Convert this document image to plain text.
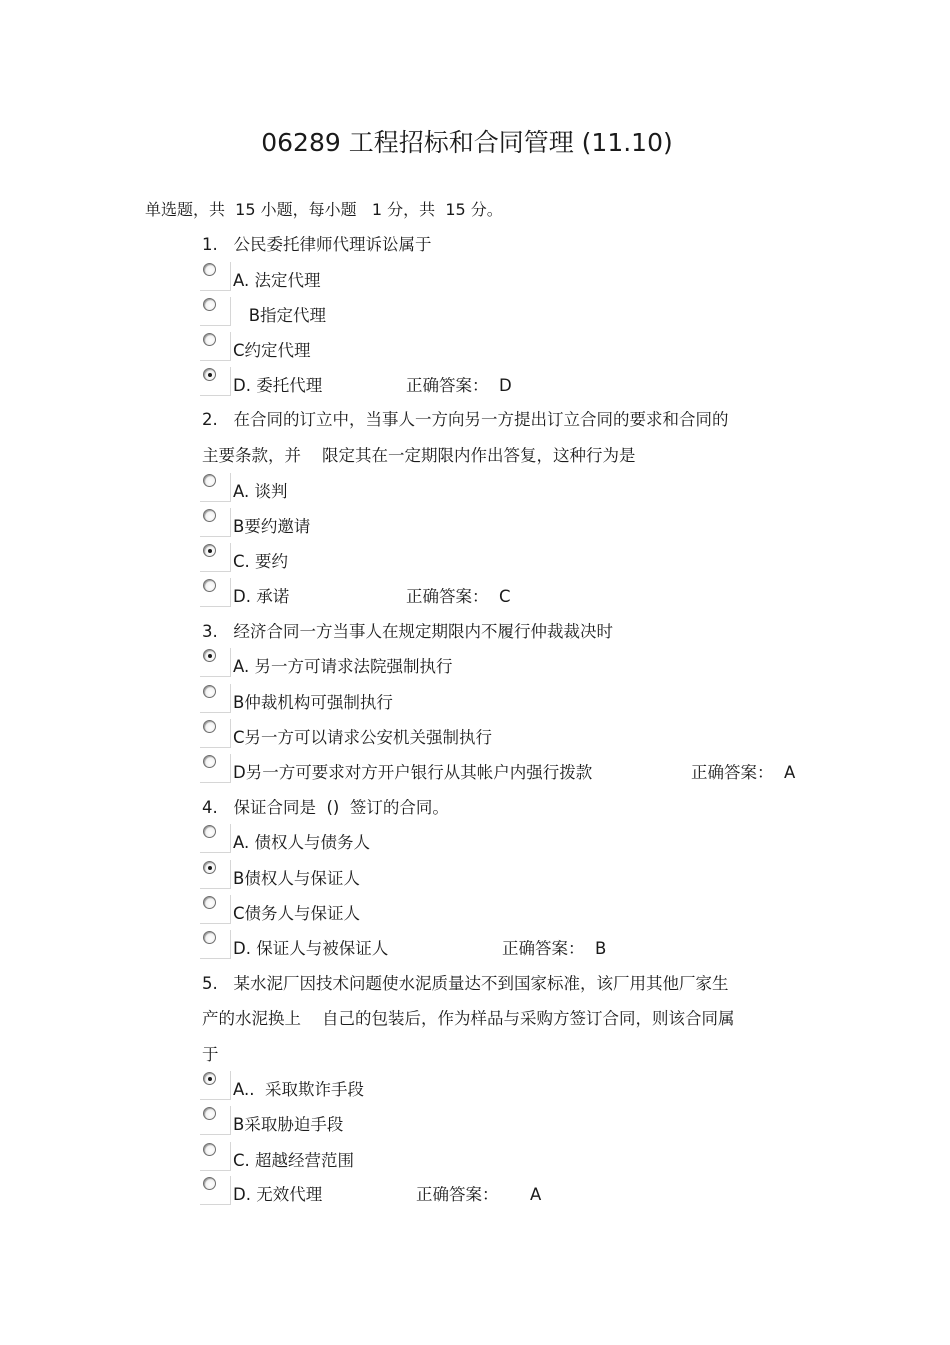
06289 工程招标和合同管理 (11.10)
单选题，共  15 小题，每小题   1 分，共  15 分。
1.   公民委托律师代理诉讼属于
A. 法定代理
B指定代理
C约定代理
D. 委托代理	正确答案：  D
2.   在合同的订立中，当事人一方向另一方提出订立合同的要求和合同的
主要条款，并    限定其在一定期限内作出答复，这种行为是
A. 谈判
B要约邀请
C. 要约
D. 承诺	正确答案：  C
3.   经济合同一方当事人在规定期限内不履行仲裁裁决时
A. 另一方可请求法院强制执行
B仲裁机构可强制执行
C另一方可以请求公安机关强制执行
D另一方可要求对方开户银行从其帐户内强行拨款	正确答案：  A
4.   保证合同是  ()  签订的合同。
A. 债权人与债务人
B债权人与保证人
C债务人与保证人
D. 保证人与被保证人	正确答案：  B
5.   某水泥厂因技术问题使水泥质量达不到国家标准，该厂用其他厂家生
产的水泥换上    自己的包装后，作为样品与采购方签订合同，则该合同属
于
A..  采取欺诈手段
B采取胁迫手段
C. 超越经营范围
D. 无效代理	正确答案：      A
